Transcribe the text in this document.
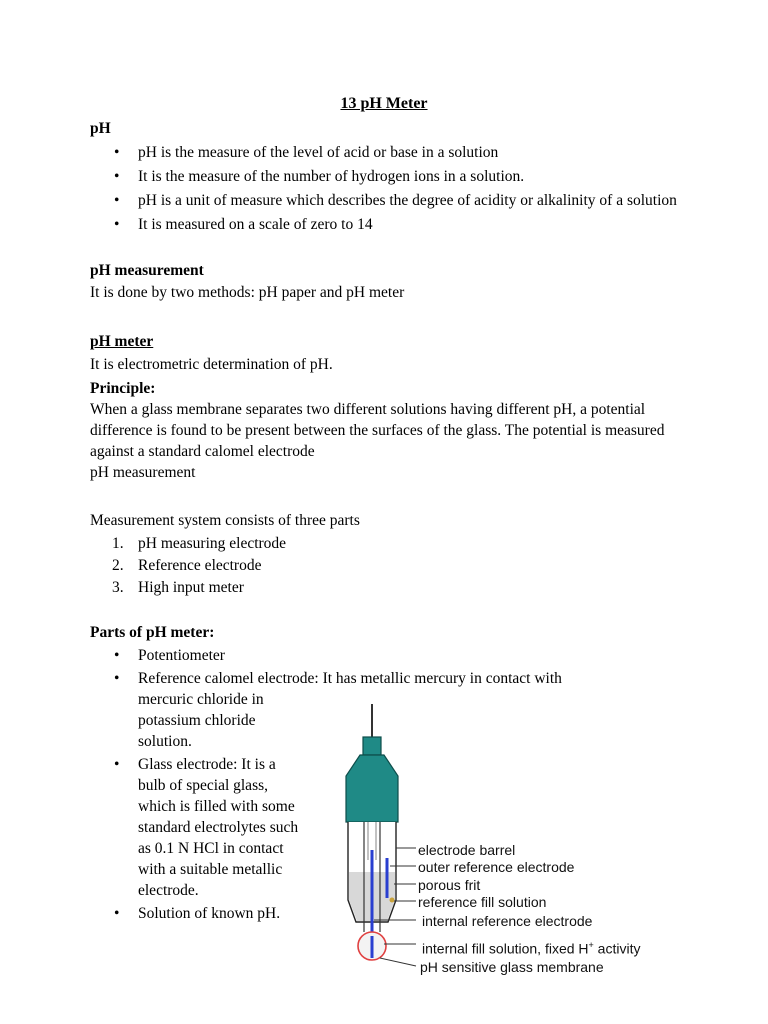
13 pH Meter
pH
• pH is the measure of the level of acid or base in a solution
• It is the measure of the number of hydrogen ions in a solution.
• pH is a unit of measure which describes the degree of acidity or alkalinity of a solution
• It is measured on a scale of zero to 14
pH measurement
It is done by two methods: pH paper and pH meter
pH meter
It is electrometric determination of pH.
Principle:
When a glass membrane separates two different solutions having different pH, a potential difference is found to be present between the surfaces of the glass. The potential is measured against a standard calomel electrode
pH measurement
Measurement system consists of three parts
1. pH measuring electrode
2. Reference electrode
3. High input meter
Parts of pH meter:
• Potentiometer
• Reference calomel electrode: It has metallic mercury in contact with
mercuric chloride in
potassium chloride
solution.
• Glass electrode: It is a
bulb of special glass,
which is filled with some
standard electrolytes such
as 0.1 N HCl in contact
with a suitable metallic
electrode.
• Solution of known pH.
electrode barrel
outer reference electrode
porous frit
reference fill solution
internal reference electrode
internal fill solution, fixed H+ activity
pH sensitive glass membrane
